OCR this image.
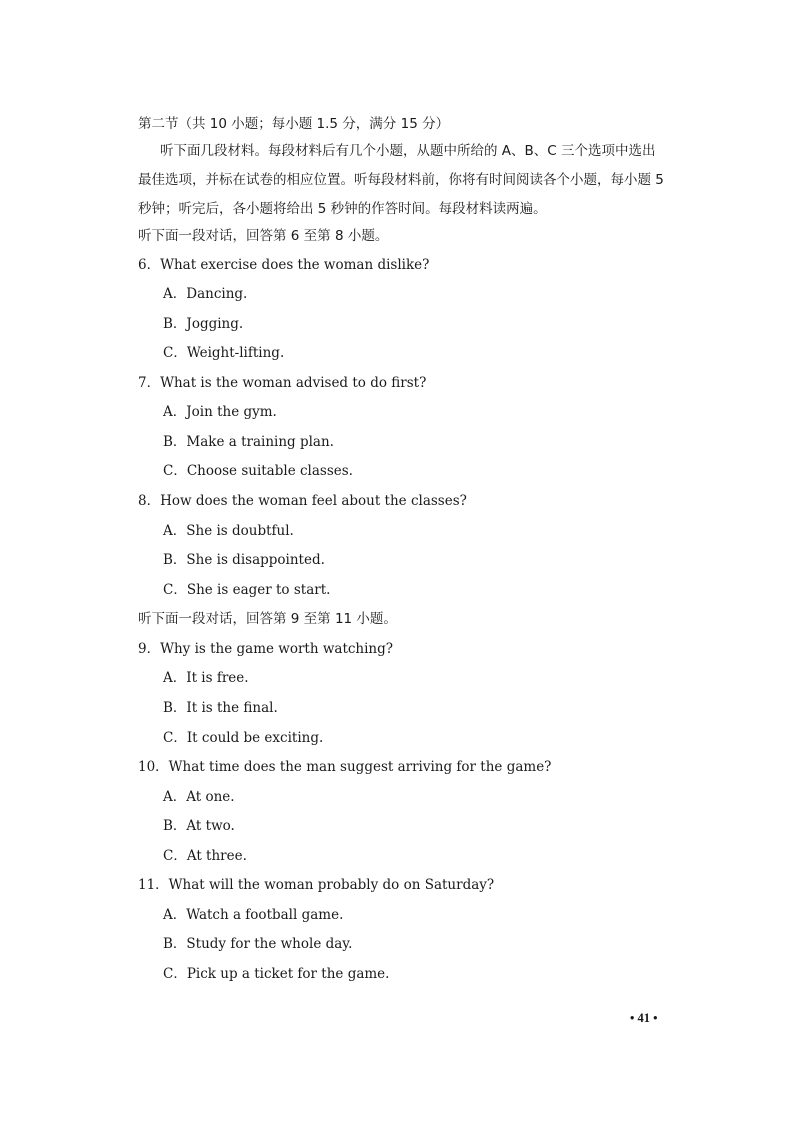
第二节（共 10 小题；每小题 1.5 分，满分 15 分）
听下面几段材料。每段材料后有几个小题，从题中所给的 A、B、C 三个选项中选出最佳选项，并标在试卷的相应位置。听每段材料前，你将有时间阅读各个小题，每小题 5 秒钟；听完后，各小题将给出 5 秒钟的作答时间。每段材料读两遍。
听下面一段对话，回答第 6 至第 8 小题。
6．What exercise does the woman dislike?
A．Dancing.
B．Jogging.
C．Weight-lifting.
7．What is the woman advised to do first?
A．Join the gym.
B．Make a training plan.
C．Choose suitable classes.
8．How does the woman feel about the classes?
A．She is doubtful.
B．She is disappointed.
C．She is eager to start.
听下面一段对话，回答第 9 至第 11 小题。
9．Why is the game worth watching?
A．It is free.
B．It is the final.
C．It could be exciting.
10．What time does the man suggest arriving for the game?
A．At one.
B．At two.
C．At three.
11．What will the woman probably do on Saturday?
A．Watch a football game.
B．Study for the whole day.
C．Pick up a ticket for the game.
• 41 •
